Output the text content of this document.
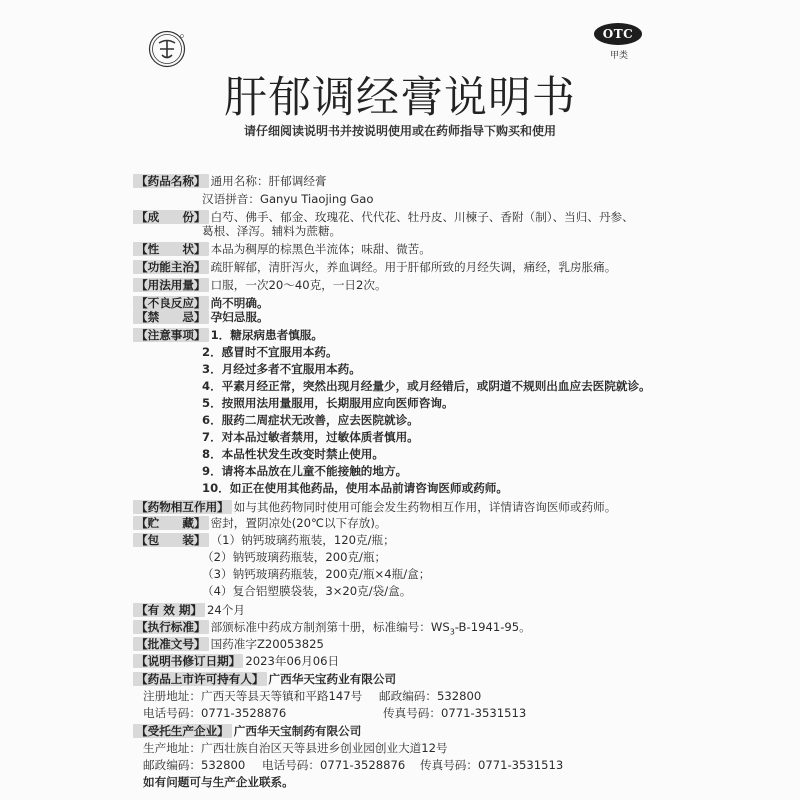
OTC
甲类
肝郁调经膏说明书
请仔细阅读说明书并按说明使用或在药师指导下购买和使用
【药品名称】 通用名称：肝郁调经膏
汉语拼音：Ganyu Tiaojing Gao
【成　　份】 白芍、佛手、郁金、玫瑰花、代代花、牡丹皮、川楝子、香附（制）、当归、丹参、
葛根、泽泻。辅料为蔗糖。
【性　　状】 本品为稠厚的棕黑色半流体；味甜、微苦。
【功能主治】 疏肝解郁，清肝泻火，养血调经。用于肝郁所致的月经失调，痛经，乳房胀痛。
【用法用量】 口服，一次20～40克，一日2次。
【不良反应】 尚不明确。
【禁　　忌】 孕妇忌服。
【注意事项】 1．糖尿病患者慎服。
2．感冒时不宜服用本药。
3．月经过多者不宜服用本药。
4．平素月经正常，突然出现月经量少，或月经错后，或阴道不规则出血应去医院就诊。
5．按照用法用量服用，长期服用应向医师咨询。
6．服药二周症状无改善，应去医院就诊。
7．对本品过敏者禁用，过敏体质者慎用。
8．本品性状发生改变时禁止使用。
9．请将本品放在儿童不能接触的地方。
10．如正在使用其他药品，使用本品前请咨询医师或药师。
【药物相互作用】 如与其他药物同时使用可能会发生药物相互作用，详情请咨询医师或药师。
【贮　　藏】 密封，置阴凉处(20℃以下存放)。
【包　　装】 （1）钠钙玻璃药瓶装，120克/瓶；
（2）钠钙玻璃药瓶装，200克/瓶；
（3）钠钙玻璃药瓶装，200克/瓶×4瓶/盒；
（4）复合铝塑膜袋装，3×20克/袋/盒。
【有 效 期】 24个月
【执行标准】 部颁标准中药成方制剂第十册，标准编号：$WS_3-B-1941-95$。
【批准文号】 国药准字Z20053825
【说明书修订日期】 2023年06月06日
【药品上市许可持有人】 广西华天宝药业有限公司
注册地址：广西天等县天等镇和平路147号 邮政编码：532800
电话号码：0771-3528876	传真号码：0771-3531513
【受托生产企业】 广西华天宝制药有限公司
生产地址：广西壮族自治区天等县进乡创业园创业大道12号
邮政编码：532800 电话号码：0771-3528876 传真号码：0771-3531513
如有问题可与生产企业联系。
